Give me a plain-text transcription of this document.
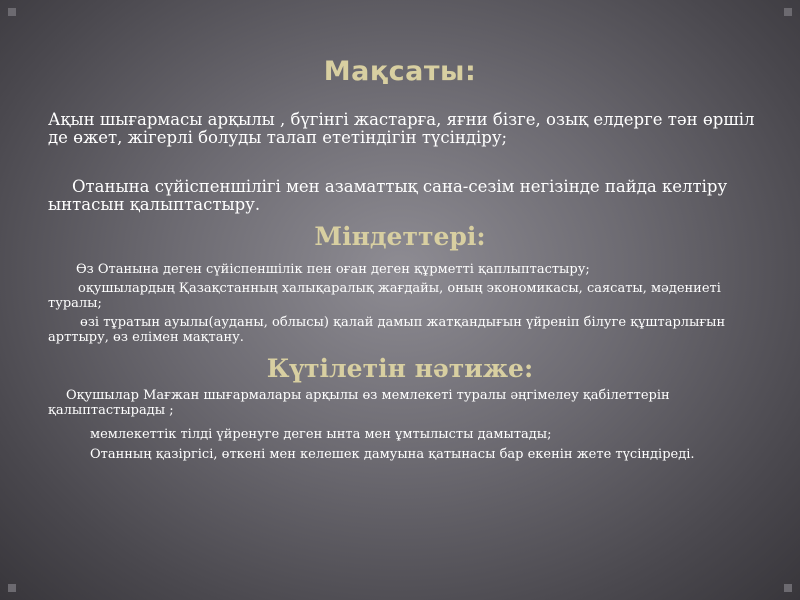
Мақсаты:
Ақын шығармасы арқылы , бүгінгі жастарға, яғни бізге, озық елдерге тән өршіл де өжет, жігерлі болуды талап ететіндігін түсіндіру;
Отанына сүйіспеншілігі мен азаматтық сана-сезім негізінде пайда келтіру ынтасын қалыптастыру.
Міндеттері:
Өз Отанына деген сүйіспеншілік пен оған деген құрметті қаплыптастыру;
оқушылардың Қазақстанның халықаралық жағдайы, оның экономикасы, саясаты, мәдениеті туралы;
өзі тұратын ауылы(ауданы, облысы) қалай дамып жатқандығын үйреніп білуге құштарлығын арттыру, өз елімен мақтану.
Күтілетін нәтиже:
Оқушылар Мағжан шығармалары арқылы өз мемлекеті туралы әңгімелеу қабілеттерін қалыптастырады ;
мемлекеттік тілді үйренуге деген ынта мен ұмтылысты дамытады;
Отанның қазіргісі, өткені мен келешек дамуына қатынасы бар екенін жете түсіндіреді.
